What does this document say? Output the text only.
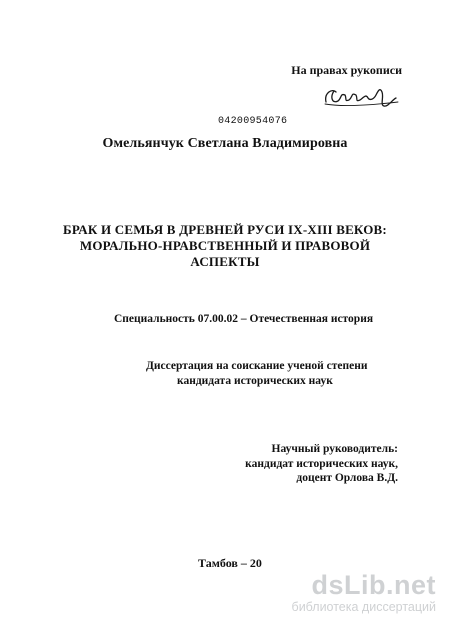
На правах рукописи
04200954076
Омельянчук Светлана Владимировна
БРАК И СЕМЬЯ В ДРЕВНЕЙ РУСИ IX-XIII ВЕКОВ:
МОРАЛЬНО-НРАВСТВЕННЫЙ И ПРАВОВОЙ
АСПЕКТЫ
Специальность 07.00.02 – Отечественная история
Диссертация на соискание ученой степени
кандидата исторических наук
Научный руководитель:
кандидат исторических наук,
доцент Орлова В.Д.
Тамбов – 20
dsLib.net
библиотека диссертаций
